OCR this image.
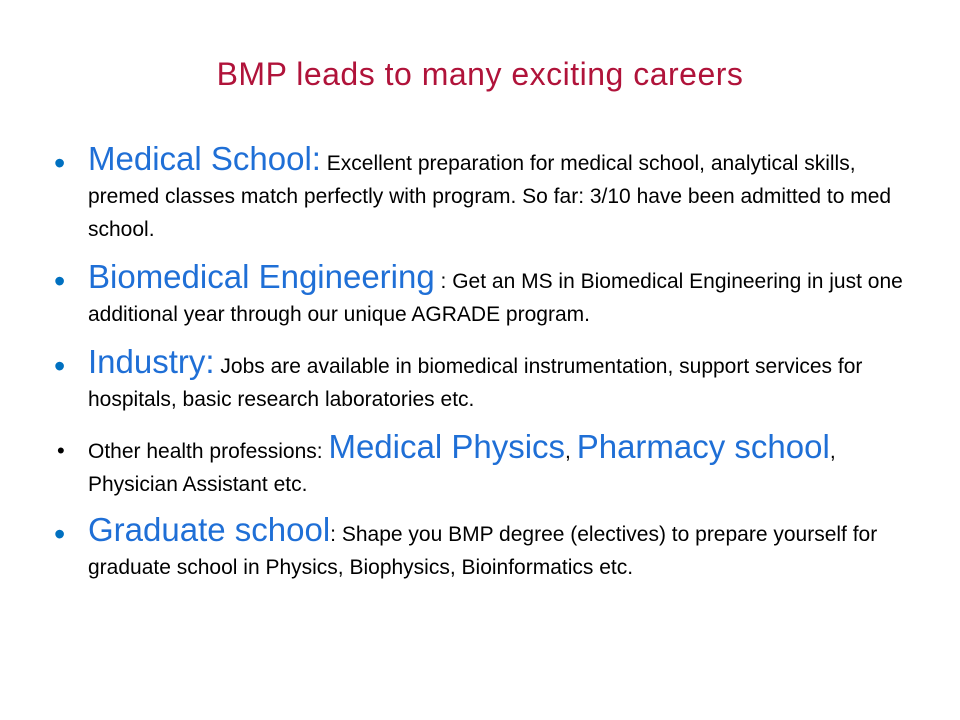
BMP leads to many exciting careers
• Medical School: Excellent preparation for medical school, analytical skills, premed classes match perfectly with program. So far: 3/10 have been admitted to med school.
• Biomedical Engineering : Get an MS in Biomedical Engineering in just one additional year through our unique AGRADE program.
• Industry: Jobs are available in biomedical instrumentation, support services for hospitals, basic research laboratories etc.
• Other health professions: Medical Physics, Pharmacy school, Physician Assistant etc.
• Graduate school: Shape you BMP degree (electives) to prepare yourself for graduate school in Physics, Biophysics, Bioinformatics etc.
